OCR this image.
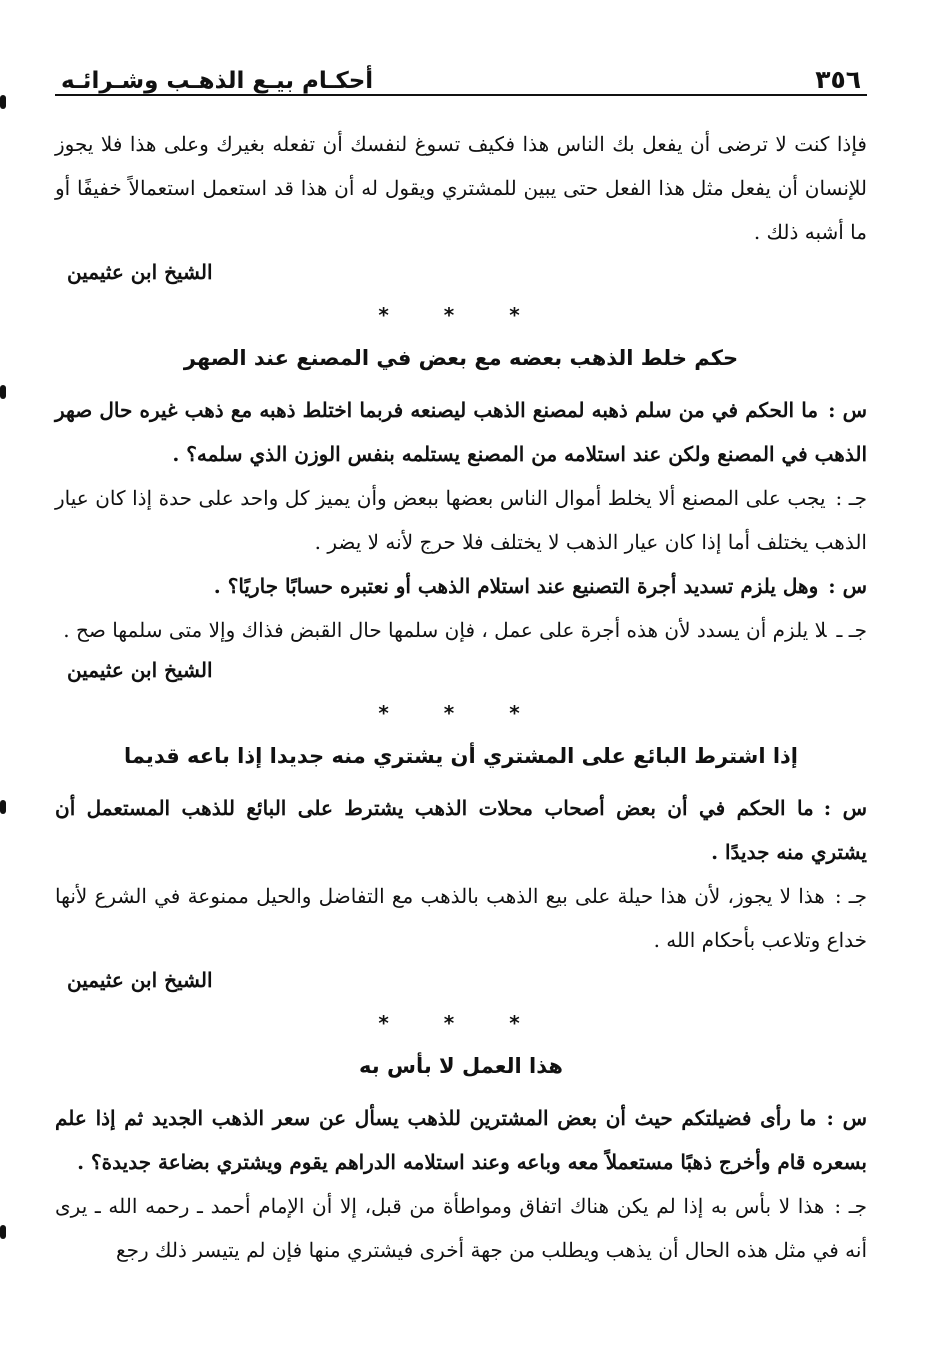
٣٥٦
أحكـام بيـع الذهـب وشـرائـه

فإذا كنت لا ترضى أن يفعل بك الناس هذا فكيف تسوغ لنفسك أن تفعله بغيرك وعلى هذا فلا يجوز للإنسان أن يفعل مثل هذا الفعل حتى يبين للمشتري ويقول له أن هذا قد استعمل استعمالاً خفيفًا أو ما أشبه ذلك .

الشيخ ابن عثيمين
* * *
حكم خلط الذهب بعضه مع بعض في المصنع عند الصهر

س :ما الحكم في من سلم ذهبه لمصنع الذهب ليصنعه فربما اختلط ذهبه مع ذهب غيره حال صهر الذهب في المصنع ولكن عند استلامه من المصنع يستلمه بنفس الوزن الذي سلمه؟ .

جـ :يجب على المصنع ألا يخلط أموال الناس بعضها ببعض وأن يميز كل واحد على حدة إذا كان عيار الذهب يختلف أما إذا كان عيار الذهب لا يختلف فلا حرج لأنه لا يضر .

س :وهل يلزم تسديد أجرة التصنيع عند استلام الذهب أو نعتبره حسابًا جاريًا؟ .

جـ ـلا يلزم أن يسدد لأن هذه أجرة على عمل ، فإن سلمها حال القبض فذاك وإلا متى سلمها صح .

الشيخ ابن عثيمين
* * *
إذا اشترط البائع على المشتري أن يشتري منه جديدا إذا باعه قديما

س :ما الحكم في أن بعض أصحاب محلات الذهب يشترط على البائع للذهب المستعمل أن يشتري منه جديدًا .

جـ :هذا لا يجوز، لأن هذا حيلة على بيع الذهب بالذهب مع التفاضل والحيل ممنوعة في الشرع لأنها خداع وتلاعب بأحكام الله .

الشيخ ابن عثيمين
* * *
هذا العمل لا بأس به

س :ما رأى فضيلتكم حيث أن بعض المشترين للذهب يسأل عن سعر الذهب الجديد ثم إذا علم بسعره قام وأخرج ذهبًا مستعملاً معه وباعه وعند استلامه الدراهم يقوم ويشتري بضاعة جديدة؟ .

جـ :هذا لا بأس به إذا لم يكن هناك اتفاق ومواطأة من قبل، إلا أن الإمام أحمد ـ رحمه الله ـ يرى أنه في مثل هذه الحال أن يذهب ويطلب من جهة أخرى فيشتري منها فإن لم يتيسر ذلك رجع
